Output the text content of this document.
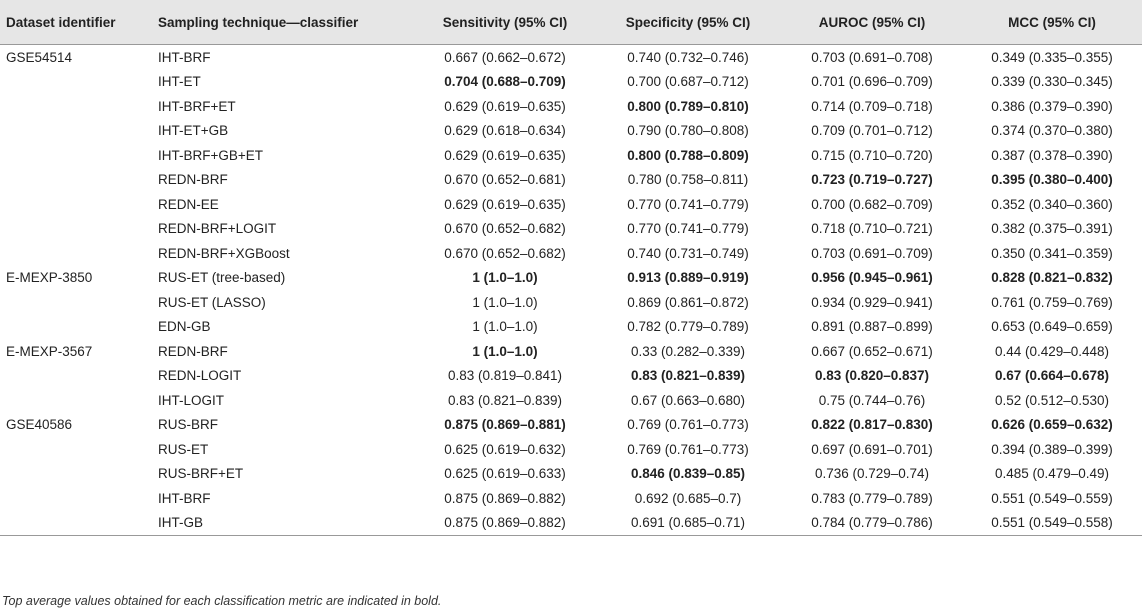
Dataset identifier	Sampling technique—classifier	Sensitivity (95% CI)	Specificity (95% CI)	AUROC (95% CI)	MCC (95% CI)
GSE54514	IHT-BRF	0.667 (0.662–0.672)	0.740 (0.732–0.746)	0.703 (0.691–0.708)	0.349 (0.335–0.355)
	IHT-ET	0.704 (0.688–0.709)	0.700 (0.687–0.712)	0.701 (0.696–0.709)	0.339 (0.330–0.345)
	IHT-BRF+ET	0.629 (0.619–0.635)	0.800 (0.789–0.810)	0.714 (0.709–0.718)	0.386 (0.379–0.390)
	IHT-ET+GB	0.629 (0.618–0.634)	0.790 (0.780–0.808)	0.709 (0.701–0.712)	0.374 (0.370–0.380)
	IHT-BRF+GB+ET	0.629 (0.619–0.635)	0.800 (0.788–0.809)	0.715 (0.710–0.720)	0.387 (0.378–0.390)
	REDN-BRF	0.670 (0.652–0.681)	0.780 (0.758–0.811)	0.723 (0.719–0.727)	0.395 (0.380–0.400)
	REDN-EE	0.629 (0.619–0.635)	0.770 (0.741–0.779)	0.700 (0.682–0.709)	0.352 (0.340–0.360)
	REDN-BRF+LOGIT	0.670 (0.652–0.682)	0.770 (0.741–0.779)	0.718 (0.710–0.721)	0.382 (0.375–0.391)
	REDN-BRF+XGBoost	0.670 (0.652–0.682)	0.740 (0.731–0.749)	0.703 (0.691–0.709)	0.350 (0.341–0.359)
E-MEXP-3850	RUS-ET (tree-based)	1 (1.0–1.0)	0.913 (0.889–0.919)	0.956 (0.945–0.961)	0.828 (0.821–0.832)
	RUS-ET (LASSO)	1 (1.0–1.0)	0.869 (0.861–0.872)	0.934 (0.929–0.941)	0.761 (0.759–0.769)
	EDN-GB	1 (1.0–1.0)	0.782 (0.779–0.789)	0.891 (0.887–0.899)	0.653 (0.649–0.659)
E-MEXP-3567	REDN-BRF	1 (1.0–1.0)	0.33 (0.282–0.339)	0.667 (0.652–0.671)	0.44 (0.429–0.448)
	REDN-LOGIT	0.83 (0.819–0.841)	0.83 (0.821–0.839)	0.83 (0.820–0.837)	0.67 (0.664–0.678)
	IHT-LOGIT	0.83 (0.821–0.839)	0.67 (0.663–0.680)	0.75 (0.744–0.76)	0.52 (0.512–0.530)
GSE40586	RUS-BRF	0.875 (0.869–0.881)	0.769 (0.761–0.773)	0.822 (0.817–0.830)	0.626 (0.659–0.632)
	RUS-ET	0.625 (0.619–0.632)	0.769 (0.761–0.773)	0.697 (0.691–0.701)	0.394 (0.389–0.399)
	RUS-BRF+ET	0.625 (0.619–0.633)	0.846 (0.839–0.85)	0.736 (0.729–0.74)	0.485 (0.479–0.49)
	IHT-BRF	0.875 (0.869–0.882)	0.692 (0.685–0.7)	0.783 (0.779–0.789)	0.551 (0.549–0.559)
	IHT-GB	0.875 (0.869–0.882)	0.691 (0.685–0.71)	0.784 (0.779–0.786)	0.551 (0.549–0.558)
Top average values obtained for each classification metric are indicated in bold.
